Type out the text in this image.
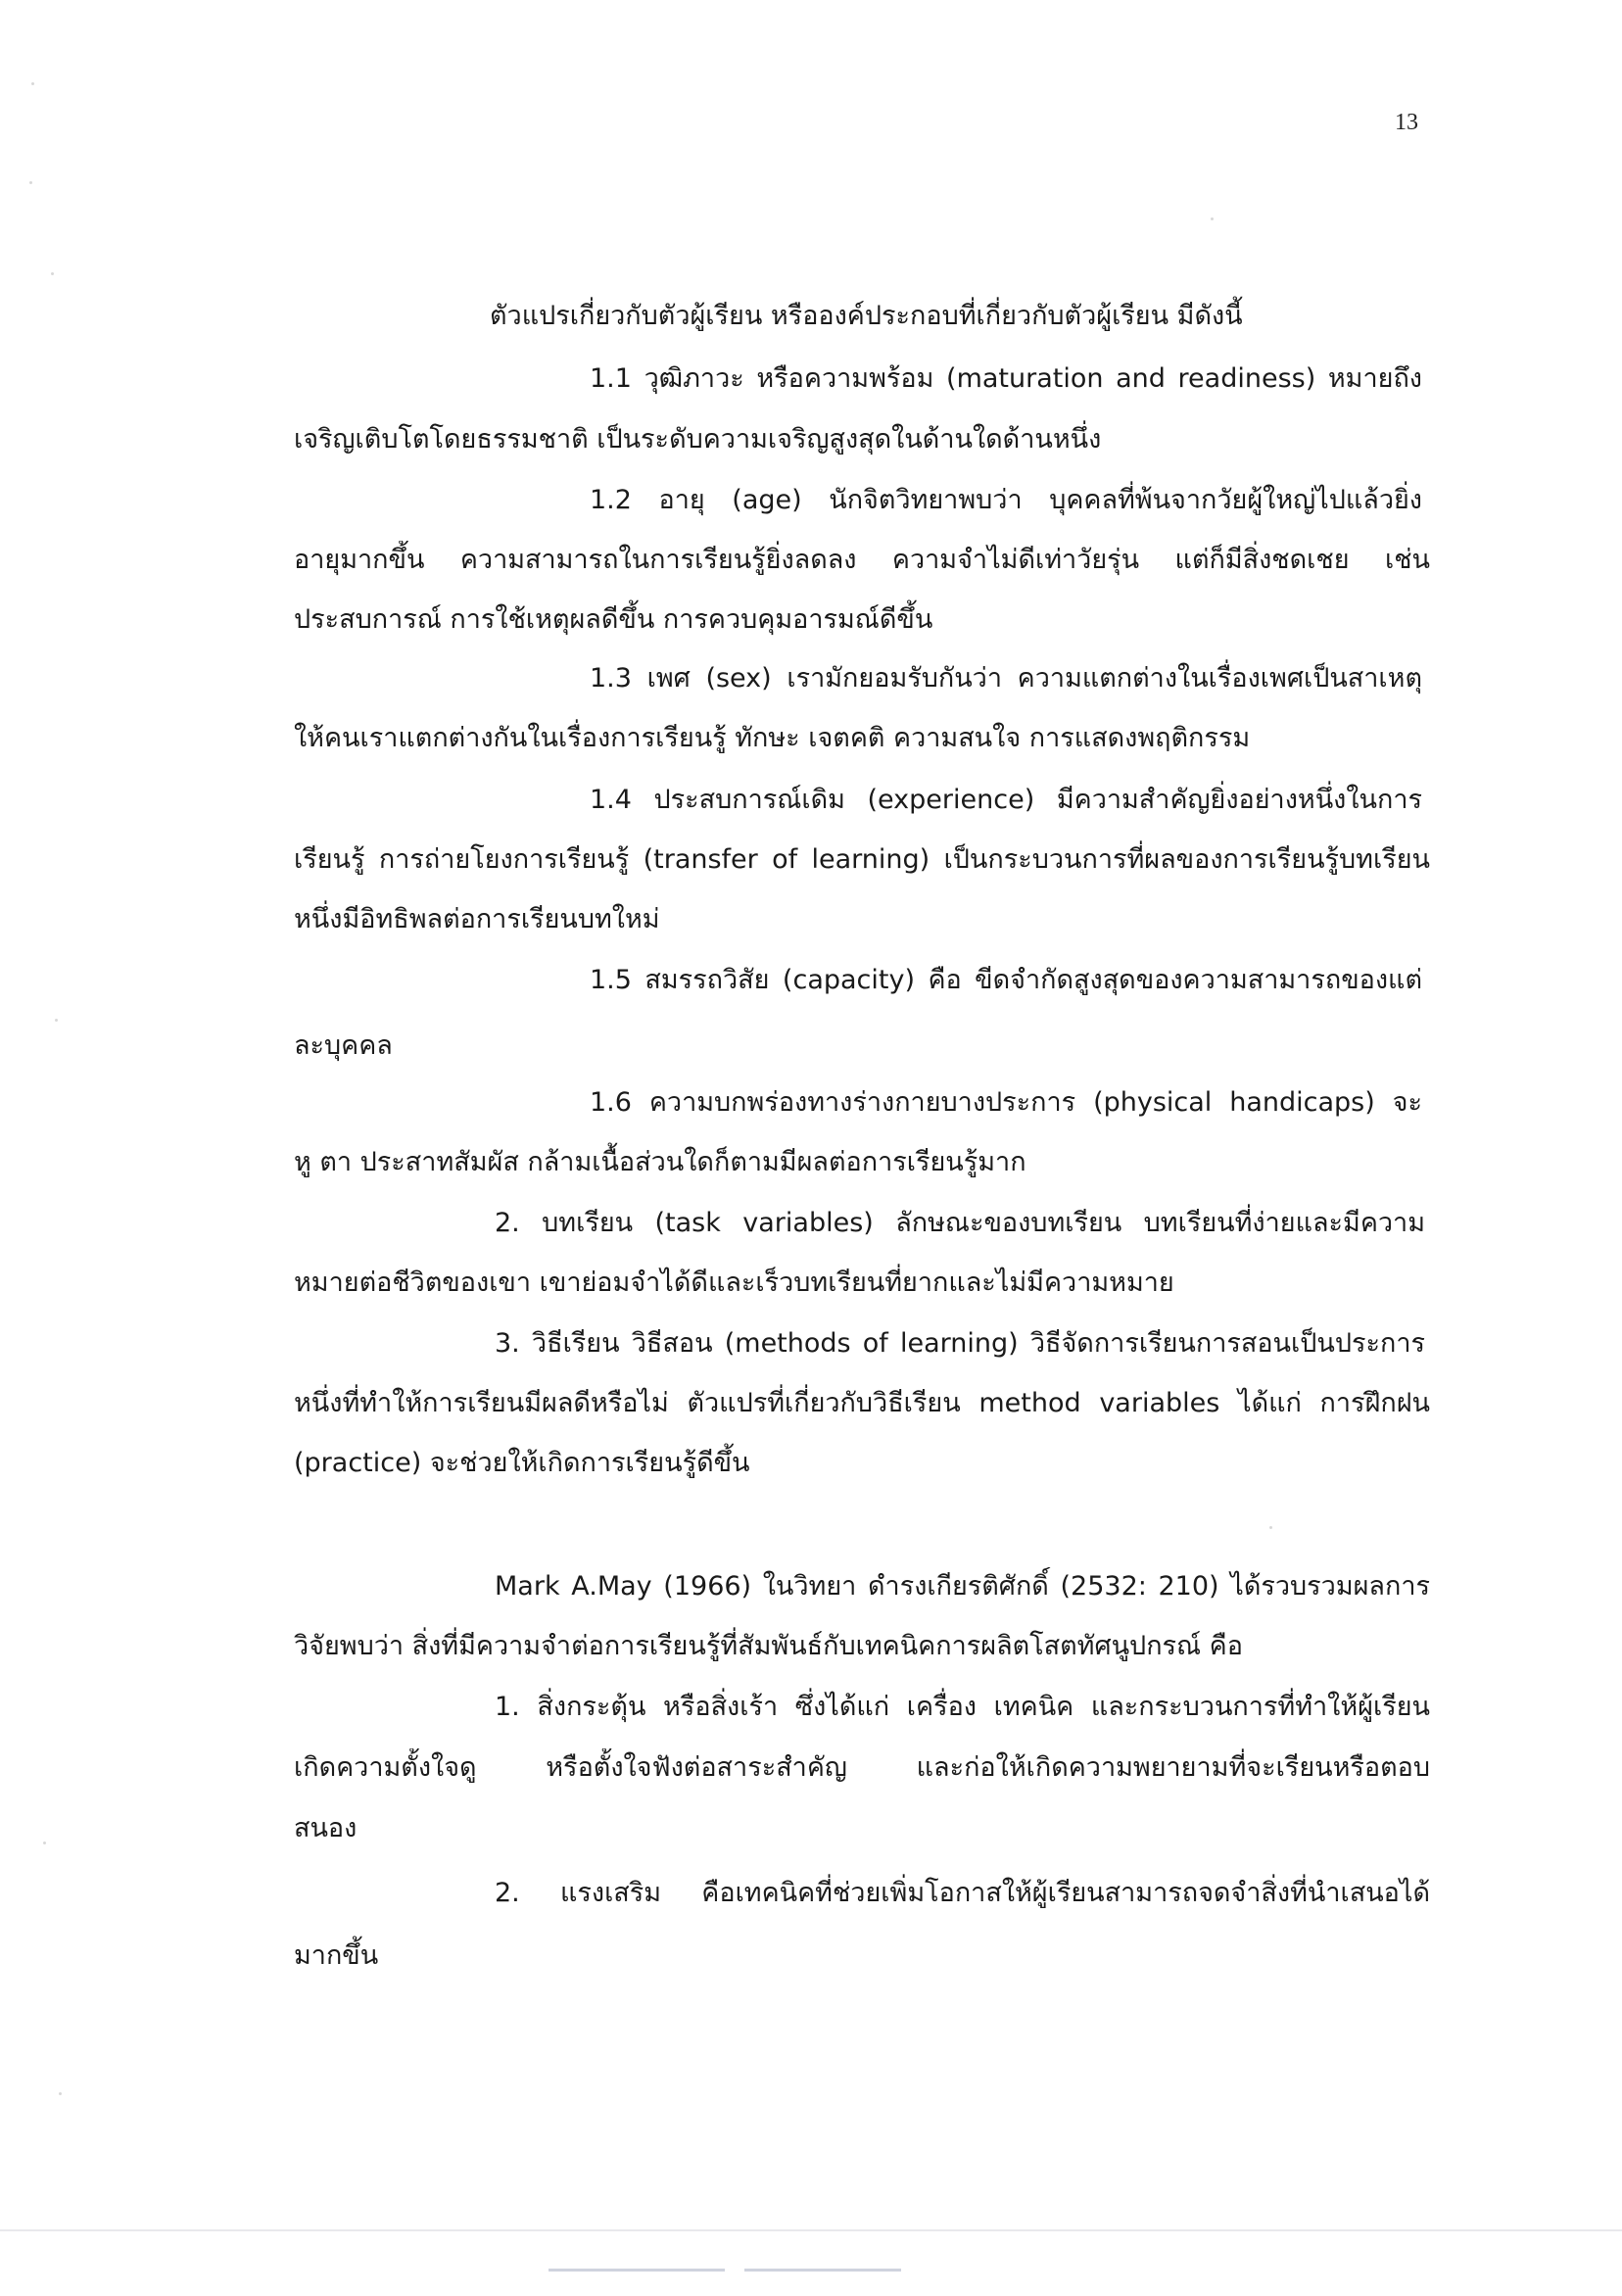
13
ตัวแปรเกี่ยวกับตัวผู้เรียน หรือองค์ประกอบที่เกี่ยวกับตัวผู้เรียน มีดังนี้
1.1 วุฒิภาวะ หรือความพร้อม (maturation and readiness) หมายถึง
เจริญเติบโตโดยธรรมชาติ เป็นระดับความเจริญสูงสุดในด้านใดด้านหนึ่ง
1.2 อายุ (age) นักจิตวิทยาพบว่า บุคคลที่พ้นจากวัยผู้ใหญ่ไปแล้วยิ่ง
อายุมากขึ้น ความสามารถในการเรียนรู้ยิ่งลดลง ความจำไม่ดีเท่าวัยรุ่น แต่ก็มีสิ่งชดเชย เช่น
ประสบการณ์ การใช้เหตุผลดีขึ้น การควบคุมอารมณ์ดีขึ้น
1.3 เพศ (sex) เรามักยอมรับกันว่า ความแตกต่างในเรื่องเพศเป็นสาเหตุ
ให้คนเราแตกต่างกันในเรื่องการเรียนรู้ ทักษะ เจตคติ ความสนใจ การแสดงพฤติกรรม
1.4 ประสบการณ์เดิม (experience) มีความสำคัญยิ่งอย่างหนึ่งในการ
เรียนรู้ การถ่ายโยงการเรียนรู้ (transfer of learning) เป็นกระบวนการที่ผลของการเรียนรู้บทเรียน
หนึ่งมีอิทธิพลต่อการเรียนบทใหม่
1.5 สมรรถวิสัย (capacity) คือ ขีดจำกัดสูงสุดของความสามารถของแต่
ละบุคคล
1.6 ความบกพร่องทางร่างกายบางประการ (physical handicaps) จะ
หู ตา ประสาทสัมผัส กล้ามเนื้อส่วนใดก็ตามมีผลต่อการเรียนรู้มาก
2. บทเรียน (task variables) ลักษณะของบทเรียน บทเรียนที่ง่ายและมีความ
หมายต่อชีวิตของเขา เขาย่อมจำได้ดีและเร็วบทเรียนที่ยากและไม่มีความหมาย
3. วิธีเรียน วิธีสอน (methods of learning) วิธีจัดการเรียนการสอนเป็นประการ
หนึ่งที่ทำให้การเรียนมีผลดีหรือไม่ ตัวแปรที่เกี่ยวกับวิธีเรียน method variables ได้แก่ การฝึกฝน
(practice) จะช่วยให้เกิดการเรียนรู้ดีขึ้น
Mark A.May (1966) ในวิทยา ดำรงเกียรติศักดิ์ (2532: 210) ได้รวบรวมผลการ
วิจัยพบว่า สิ่งที่มีความจำต่อการเรียนรู้ที่สัมพันธ์กับเทคนิคการผลิตโสตทัศนูปกรณ์ คือ
1. สิ่งกระตุ้น หรือสิ่งเร้า ซึ่งได้แก่ เครื่อง เทคนิค และกระบวนการที่ทำให้ผู้เรียน
เกิดความตั้งใจดู หรือตั้งใจฟังต่อสาระสำคัญ และก่อให้เกิดความพยายามที่จะเรียนหรือตอบ
สนอง
2. แรงเสริม คือเทคนิคที่ช่วยเพิ่มโอกาสให้ผู้เรียนสามารถจดจำสิ่งที่นำเสนอได้
มากขึ้น
